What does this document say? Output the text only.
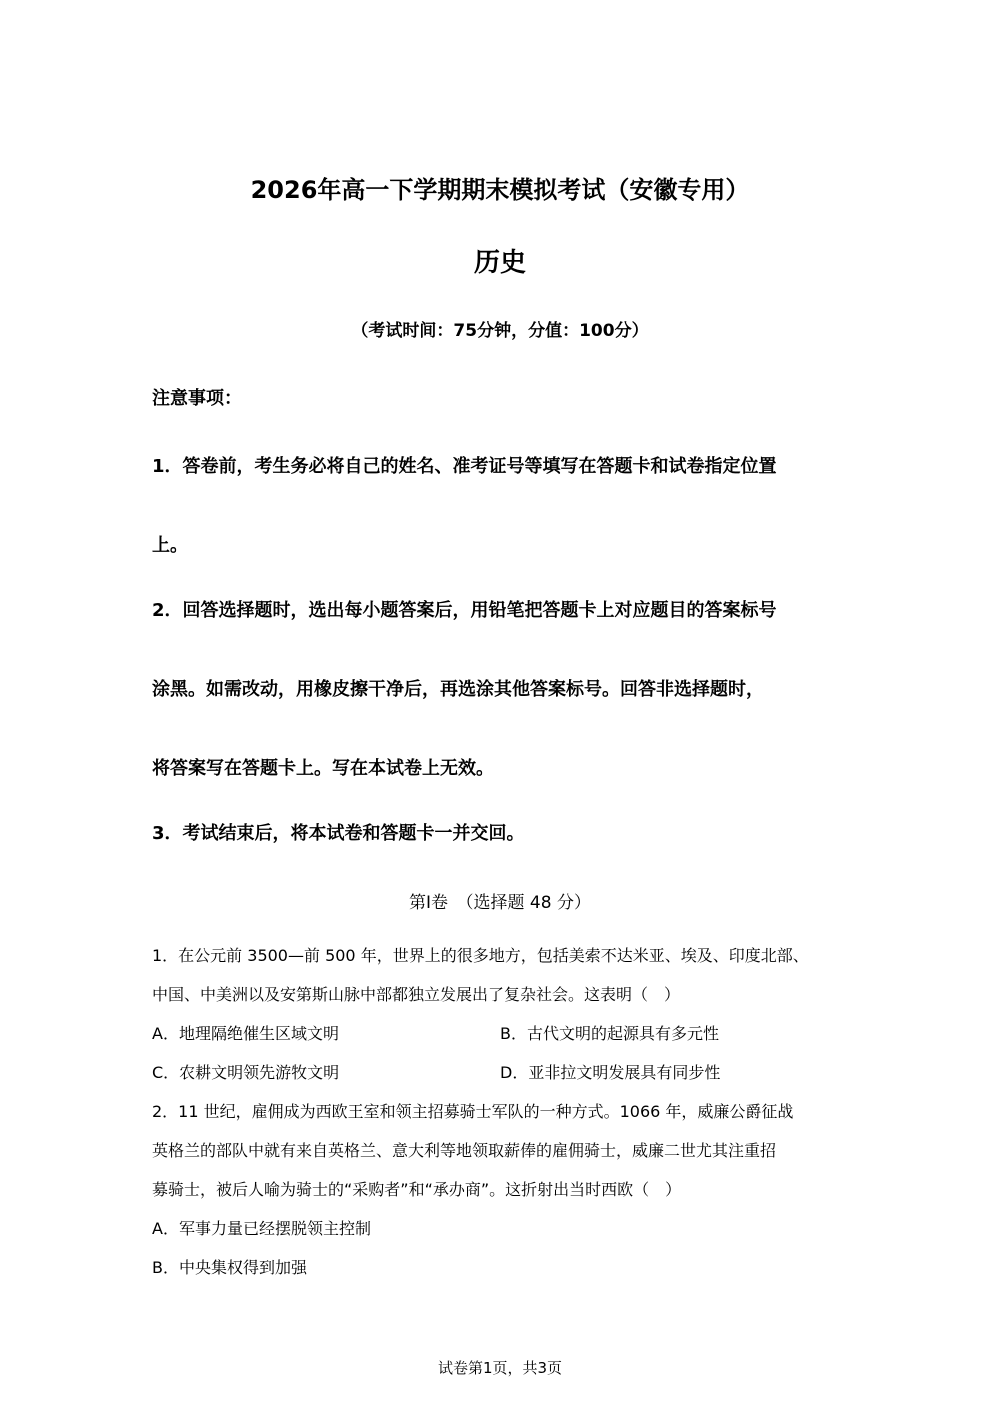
2026年高一下学期期末模拟考试（安徽专用）
历史
（考试时间：75分钟，分值：100分）
注意事项：
1．答卷前，考生务必将自己的姓名、准考证号等填写在答题卡和试卷指定位置
上。
2．回答选择题时，选出每小题答案后，用铅笔把答题卡上对应题目的答案标号
涂黑。如需改动，用橡皮擦干净后，再选涂其他答案标号。回答非选择题时，
将答案写在答题卡上。写在本试卷上无效。
3．考试结束后，将本试卷和答题卡一并交回。
第Ⅰ卷　（选择题 48 分）
1．在公元前 3500—前 500 年，世界上的很多地方，包括美索不达米亚、埃及、印度北部、
中国、中美洲以及安第斯山脉中部都独立发展出了复杂社会。这表明（　）
A．地理隔绝催生区域文明	B．古代文明的起源具有多元性
C．农耕文明领先游牧文明	D．亚非拉文明发展具有同步性
2．11 世纪，雇佣成为西欧王室和领主招募骑士军队的一种方式。1066 年，威廉公爵征战
英格兰的部队中就有来自英格兰、意大利等地领取薪俸的雇佣骑士，威廉二世尤其注重招
募骑士，被后人喻为骑士的“采购者”和“承办商”。这折射出当时西欧（　）
A．军事力量已经摆脱领主控制
B．中央集权得到加强
试卷第1页，共3页
